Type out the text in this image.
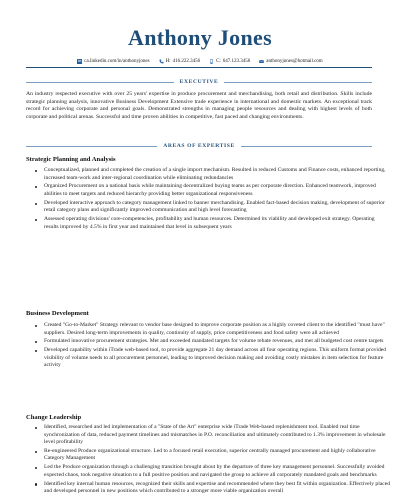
Anthony Jones
in ca.linkedin.com/in/anthonyjones	H: 416.222.3456	C: 647.123.3456	anthonyjones@hotmail.com
EXECUTIVE

An industry respected executive with over 25 years' expertise in produce procurement and merchandising, both retail and distribution. Skills include strategic planning analysis, innovative Business Development Extensive trade experience in international and domestic markets. An exceptional track record for achieving corporate and personal goals. Demonstrated strengths in managing people resources and dealing with highest levels of both corporate and political arenas. Successful and time proven abilities in competitive, fast paced and changing environments.

AREAS OF EXPERTISE
Strategic Planning and Analysis
Conceptualized, planned and completed the creation of a single import mechanism. Resulted in reduced Customs and Finance costs, enhanced reporting, increased team-work and inter-regional coordination while eliminating redundancies
Organized Procurement on a national basis while maintaining decentralized buying teams as per corporate direction. Enhanced teamwork, improved abilities to meet targets and reduced hierarchy providing better organizational responsiveness
Developed interactive approach to category management linked to banner merchandising. Enabled fact-based decision making, development of superior retail category plans and significantly improved communication and high level forecasting
Assessed operating divisions' core-competencies, profitability and human resources. Determined its viability and developed exit strategy. Operating results improved by 4.5% in first year and maintained that level in subsequent years
Business Development
Created "Go-to-Market" Strategy relevant to vendor base designed to improve corporate position as a highly coveted client to the identified "must have" suppliers. Desired long-term improvements in quality, continuity of supply, price competitiveness and food safety were all achieved
Formulated innovative procurement strategies. Met and exceeded mandated targets for volume rebate revenues, and met all budgeted cost centre targets
Developed capability within iTrade web-based tool, to provide aggregate 21 day demand across all four operating regions. This uniform format provided visibility of volume needs to all procurement personnel, leading to improved decision making and avoiding costly mistakes in item selection for feature activity
Change Leadership
Identified, researched and led implementation of a "State of the Art" enterprise wide iTrade Web-based replenishment tool. Enabled real time synchronization of data, reduced payment timelines and mismatches in P.O. reconciliation and ultimately contributed to 1.3% improvement in wholesale level profitability
Re-engineered Produce organizational structure. Led to a focused retail execution, superior centrally managed procurement and highly collaborative Category Management
Led the Produce organization through a challenging transition brought about by the departure of three key management personnel. Successfully avoided expected chaos, took negative situation to a full positive position and navigated the group to achieve all corporately mandated goals and benchmarks
Identified key internal human resources, recognized their skills and expertise and recommended where they best fit within organization. Effectively placed and developed personnel in new positions which contributed to a stronger more viable organization overall
